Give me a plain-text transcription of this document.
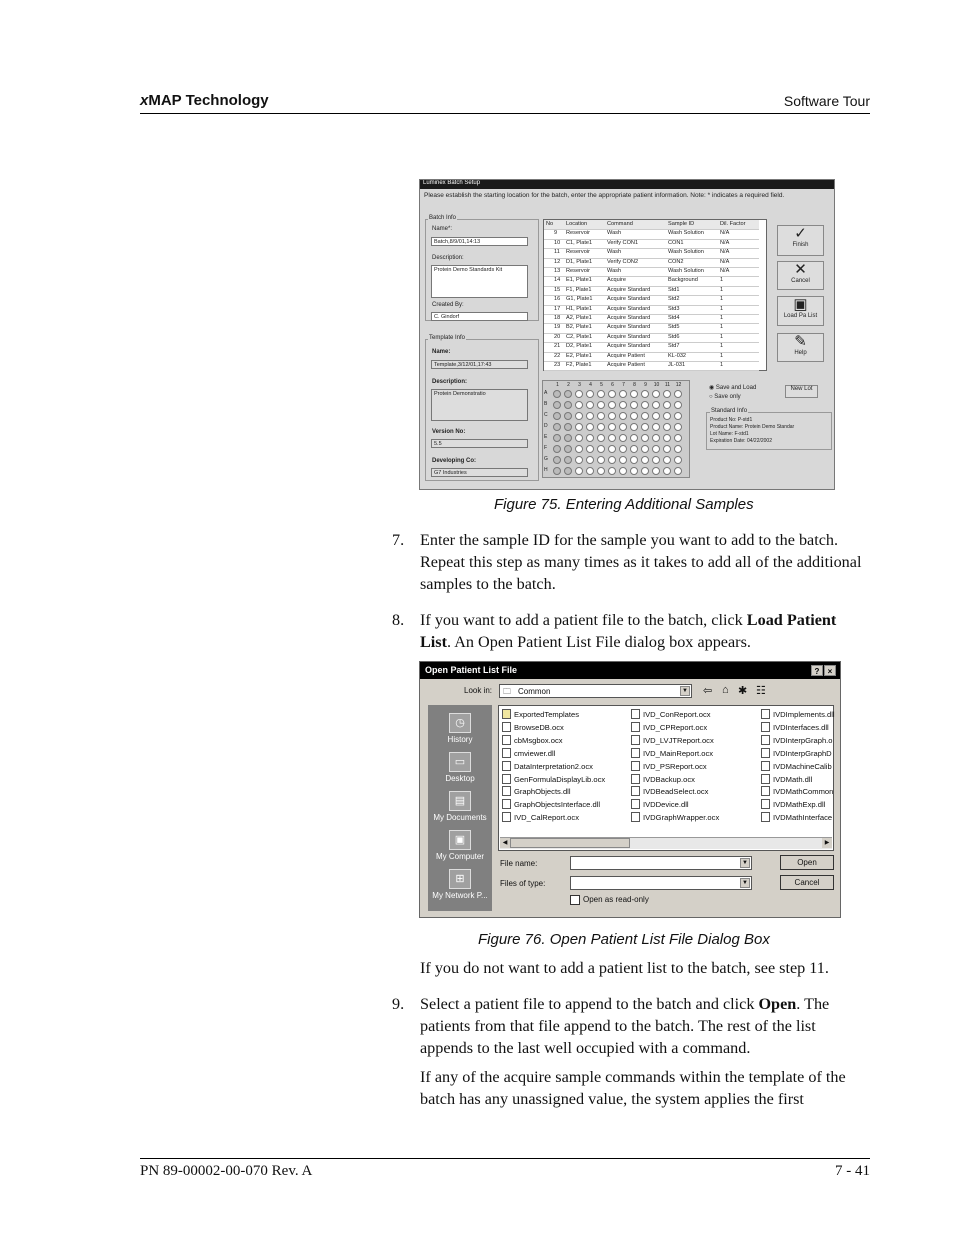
xMAP Technology	Software Tour
Luminex Batch Setup
Please establish the starting location for the batch, enter the appropriate patient information. Note: * indicates a required field.
Batch Info
Name*:
Batch,8/9/01,14:13
Description:
Protein Demo Standards Kit
Created By:
C. Gindorf
Template Info
Name:
Template,3/12/01,17:43
Description:
Protein Demonstratio
Version No:
5.5
Developing Co:
G7 Industries
No Location	Command	Sample ID	Dil. Factor
9 Reservoir	Wash	Wash Solution	N/A
10 C1, Plate1	Verify CON1	CON1	N/A
11 Reservoir	Wash	Wash Solution	N/A
12 D1, Plate1	Verify CON2	CON2	N/A
13 Reservoir	Wash	Wash Solution	N/A
14 E1, Plate1	Acquire	Background	1
15 F1, Plate1	Acquire Standard	Std1	1
16 G1, Plate1	Acquire Standard	Std2	1
17 H1, Plate1	Acquire Standard	Std3	1
18 A2, Plate1	Acquire Standard	Std4	1
19 B2, Plate1	Acquire Standard	Std5	1
20 C2, Plate1	Acquire Standard	Std6	1
21 D2, Plate1	Acquire Standard	Std7	1
22 E2, Plate1	Acquire Patient	KL-032	1
23 F2, Plate1	Acquire Patient	JL-031	1
✓
Finish
✕
Cancel
▣
Load Pa List
✎
Help
New Lot
1	2	3	4	5	6	7	8	9	10	11	12
A
B
C
D
E
F
G
H
◉ Save and Load
○ Save only
Standard Info
Product No: P-std1
Product Name: Protein Demo Standar
Lot Name: F-std1
Expiration Date: 04/22/2002
Figure 75. Entering Additional Samples
7. Enter the sample ID for the sample you want to add to the batch. Repeat this step as many times as it takes to add all of the additional samples to the batch.
8. If you want to add a patient file to the batch, click Load Patient List. An Open Patient List File dialog box appears.
Open Patient List File	?	×
Look in: 🗀 Common	▼ ⇦ ⌂ ✱ ☷
◷
History
▭
Desktop
▤
My Documents
▣
My Computer
⊞
My Network P...
ExportedTemplates
BrowseDB.ocx
cbMsgbox.ocx
cmviewer.dll
DataInterpretation2.ocx
GenFormulaDisplayLib.ocx
GraphObjects.dll
GraphObjectsInterface.dll
IVD_CalReport.ocx
IVD_ConReport.ocx
IVD_CPReport.ocx
IVD_LVJTReport.ocx
IVD_MainReport.ocx
IVD_PSReport.ocx
IVDBackup.ocx
IVDBeadSelect.ocx
IVDDevice.dll
IVDGraphWrapper.ocx
IVDImplements.dll
IVDInterfaces.dll
IVDInterpGraph.o
IVDInterpGraphD
IVDMachineCalib
IVDMath.dll
IVDMathCommon
IVDMathExp.dll
IVDMathInterface
◀	▶
File name:	▼
Files of type:	▼
Open
Cancel
Open as read-only
Figure 76. Open Patient List File Dialog Box
If you do not want to add a patient list to the batch, see step 11.
9. Select a patient file to append to the batch and click Open. The patients from that file append to the batch. The rest of the list appends to the last well occupied with a command.
If any of the acquire sample commands within the template of the batch has any unassigned value, the system applies the first
PN 89-00002-00-070 Rev. A	7 - 41
